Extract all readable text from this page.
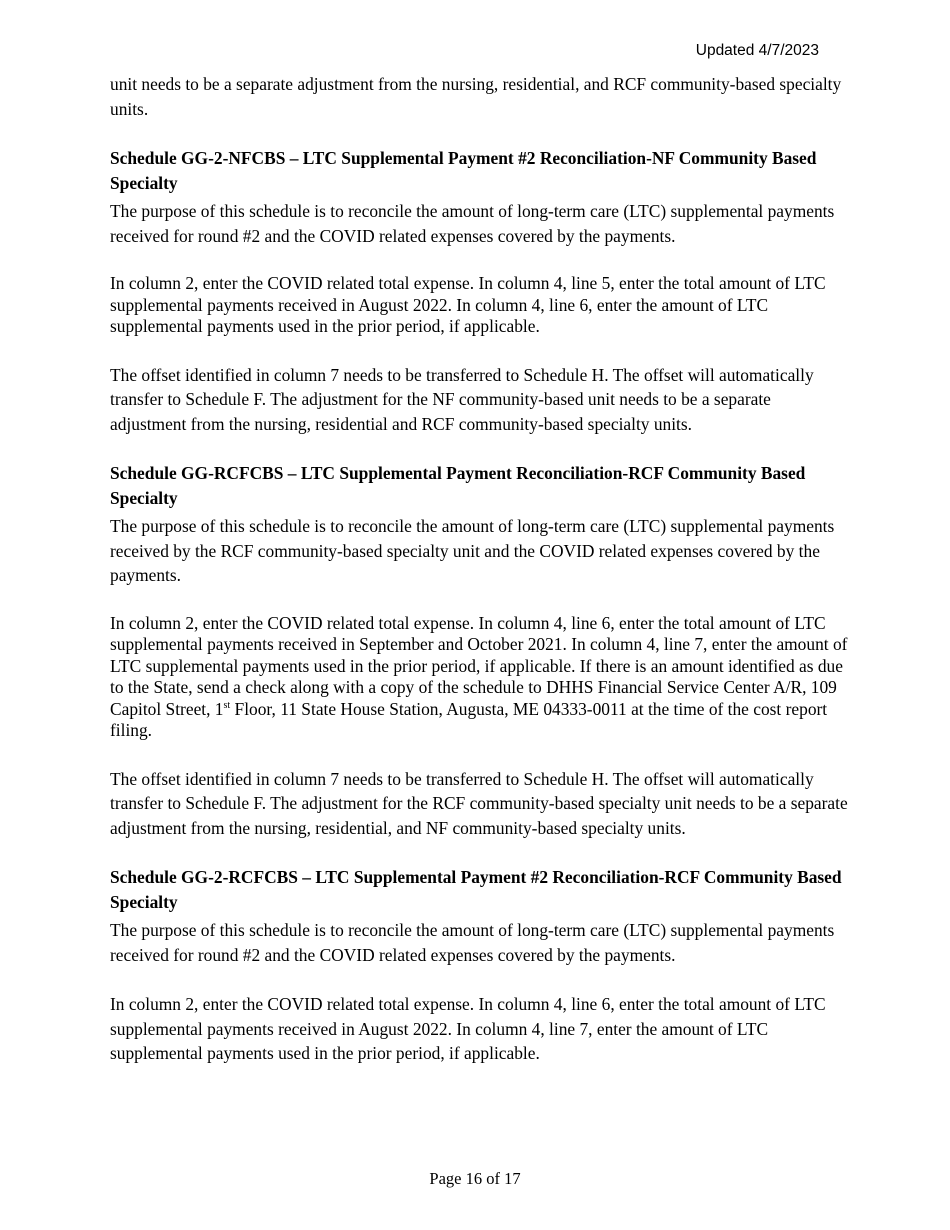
Updated 4/7/2023

unit needs to be a separate adjustment from the nursing, residential, and RCF community-based specialty units.

Schedule GG-2-NFCBS – LTC Supplemental Payment #2 Reconciliation-NF Community Based Specialty

The purpose of this schedule is to reconcile the amount of long-term care (LTC) supplemental payments received for round #2 and the COVID related expenses covered by the payments.

In column 2, enter the COVID related total expense. In column 4, line 5, enter the total amount of LTC supplemental payments received in August 2022. In column 4, line 6, enter the amount of LTC supplemental payments used in the prior period, if applicable.

The offset identified in column 7 needs to be transferred to Schedule H. The offset will automatically transfer to Schedule F. The adjustment for the NF community-based unit needs to be a separate adjustment from the nursing, residential and RCF community-based specialty units.

Schedule GG-RCFCBS – LTC Supplemental Payment Reconciliation-RCF Community Based Specialty

The purpose of this schedule is to reconcile the amount of long-term care (LTC) supplemental payments received by the RCF community-based specialty unit and the COVID related expenses covered by the payments.

In column 2, enter the COVID related total expense. In column 4, line 6, enter the total amount of LTC supplemental payments received in September and October 2021. In column 4, line 7, enter the amount of LTC supplemental payments used in the prior period, if applicable. If there is an amount identified as due to the State, send a check along with a copy of the schedule to DHHS Financial Service Center A/R, 109 Capitol Street, 1st Floor, 11 State House Station, Augusta, ME 04333-0011 at the time of the cost report filing.

The offset identified in column 7 needs to be transferred to Schedule H. The offset will automatically transfer to Schedule F. The adjustment for the RCF community-based specialty unit needs to be a separate adjustment from the nursing, residential, and NF community-based specialty units.

Schedule GG-2-RCFCBS – LTC Supplemental Payment #2 Reconciliation-RCF Community Based Specialty

The purpose of this schedule is to reconcile the amount of long-term care (LTC) supplemental payments received for round #2 and the COVID related expenses covered by the payments.

In column 2, enter the COVID related total expense. In column 4, line 6, enter the total amount of LTC supplemental payments received in August 2022. In column 4, line 7, enter the amount of LTC supplemental payments used in the prior period, if applicable.

Page 16 of 17
